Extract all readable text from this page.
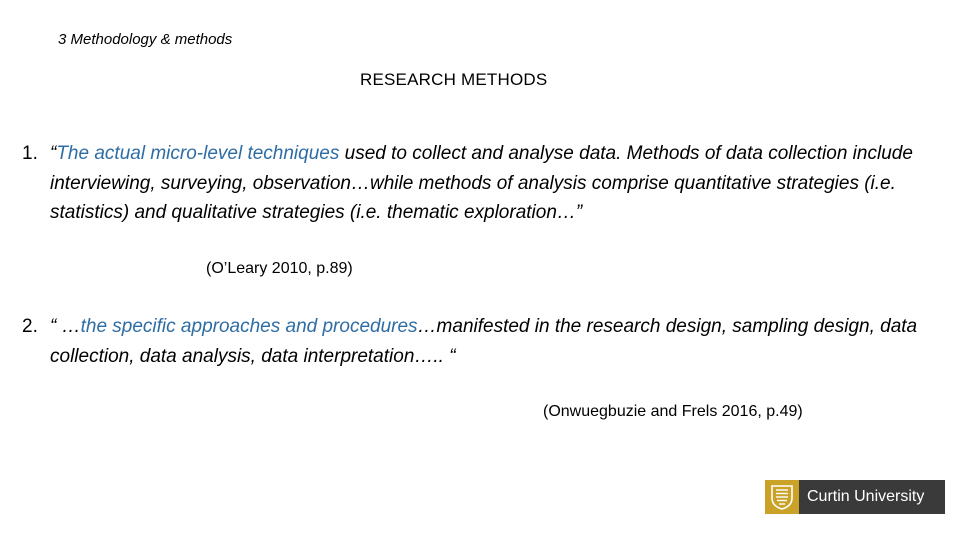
3 Methodology & methods
RESEARCH METHODS
1. “The actual micro-level techniques used to collect and analyse data. Methods of data collection include interviewing, surveying, observation…while methods of analysis comprise quantitative strategies (i.e. statistics) and qualitative strategies (i.e. thematic exploration…”
(O’Leary 2010, p.89)
2. “ …the specific approaches and procedures…manifested in the research design, sampling design, data collection, data analysis, data interpretation….. “
(Onwuegbuzie and Frels 2016, p.49)
Curtin University
